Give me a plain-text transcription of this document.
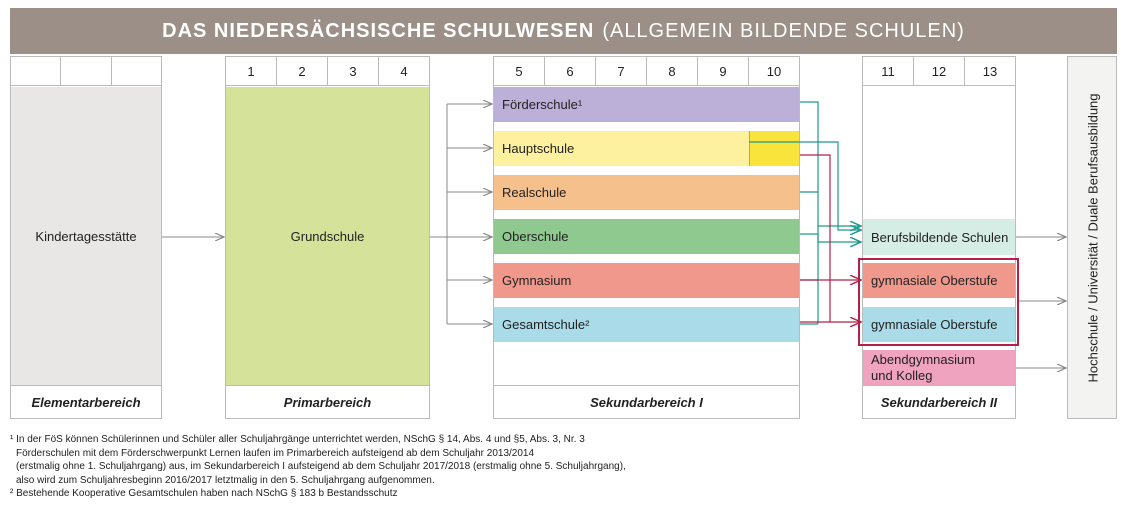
DAS NIEDERSÄCHSISCHE SCHULWESEN (ALLGEMEIN BILDENDE SCHULEN)
1	2	3	4	5	6	7	8	9	10	11	12	13
Kindertagesstätte	Grundschule
Förderschule¹
Hauptschule
Realschule
Oberschule
Gymnasium
Gesamtschule²
Berufsbildende Schulen
gymnasiale Oberstufe
gymnasiale Oberstufe
Abendgymnasium und Kolleg
Elementarbereich	Primarbereich	Sekundarbereich I	Sekundarbereich II
Hochschule / Universität / Duale Berufsausbildung
¹ In der FöS können Schülerinnen und Schüler aller Schuljahrgänge unterrichtet werden, NSchG § 14, Abs. 4 und §5, Abs. 3, Nr. 3
Förderschulen mit dem Förderschwerpunkt Lernen laufen im Primarbereich aufsteigend ab dem Schuljahr 2013/2014
(erstmalig ohne 1. Schuljahrgang) aus, im Sekundarbereich I aufsteigend ab dem Schuljahr 2017/2018 (erstmalig ohne 5. Schuljahrgang),
also wird zum Schuljahresbeginn 2016/2017 letztmalig in den 5. Schuljahrgang aufgenommen.
² Bestehende Kooperative Gesamtschulen haben nach NSchG § 183 b Bestandsschutz
